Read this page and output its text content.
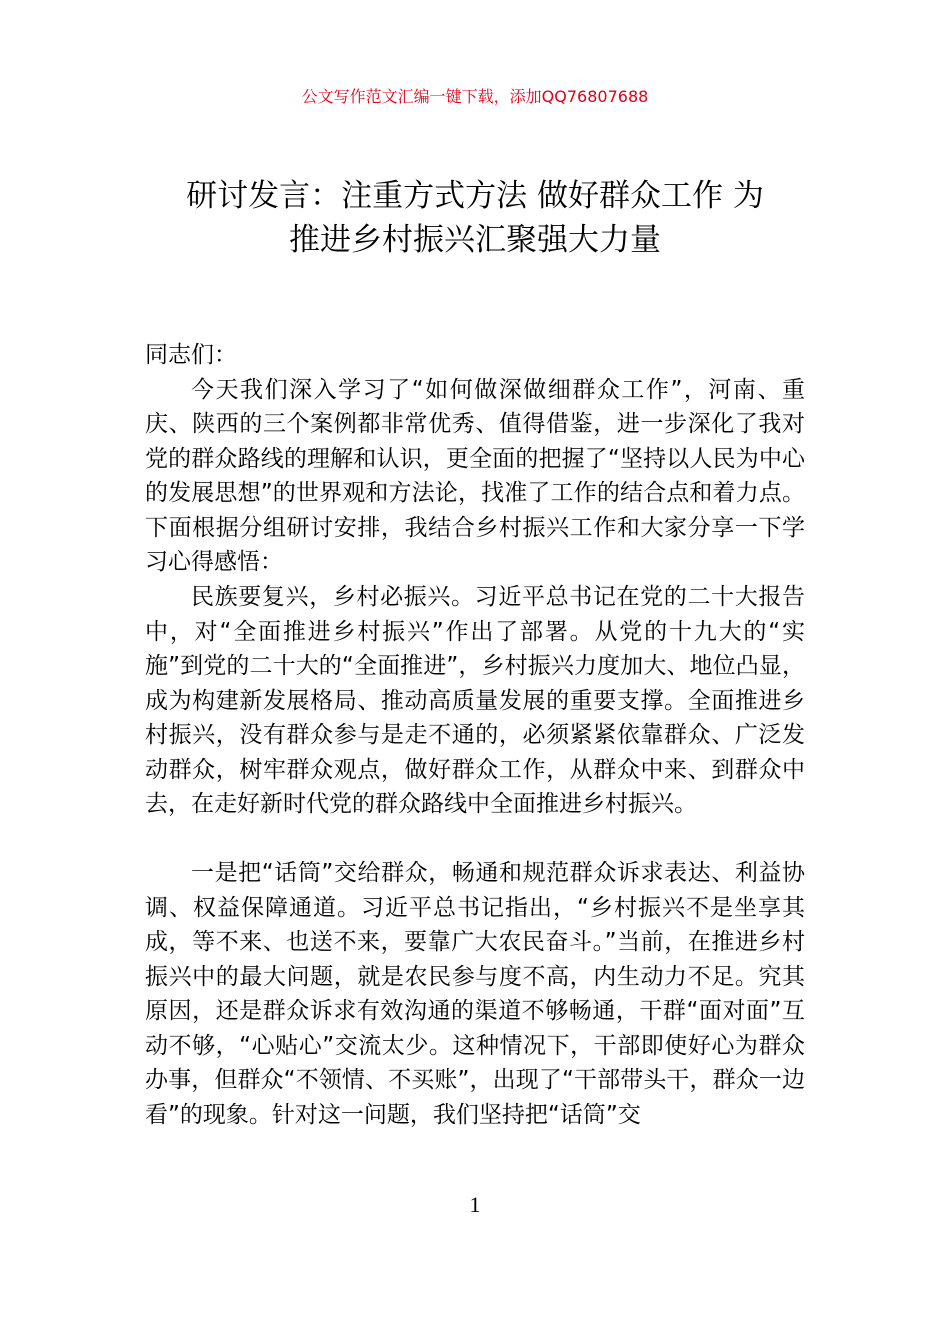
公文写作范文汇编一键下载，添加QQ76807688
研讨发言：注重方式方法 做好群众工作 为
推进乡村振兴汇聚强大力量
同志们：

今天我们深入学习了“如何做深做细群众工作”，河南、重庆、陕西的三个案例都非常优秀、值得借鉴，进一步深化了我对党的群众路线的理解和认识，更全面的把握了“坚持以人民为中心的发展思想”的世界观和方法论，找准了工作的结合点和着力点。下面根据分组研讨安排，我结合乡村振兴工作和大家分享一下学习心得感悟：

民族要复兴，乡村必振兴。习近平总书记在党的二十大报告中，对“全面推进乡村振兴”作出了部署。从党的十九大的“实施”到党的二十大的“全面推进”，乡村振兴力度加大、地位凸显，成为构建新发展格局、推动高质量发展的重要支撑。全面推进乡村振兴，没有群众参与是走不通的，必须紧紧依靠群众、广泛发动群众，树牢群众观点，做好群众工作，从群众中来、到群众中去，在走好新时代党的群众路线中全面推进乡村振兴。

一是把“话筒”交给群众，畅通和规范群众诉求表达、利益协调、权益保障通道。习近平总书记指出，“乡村振兴不是坐享其成，等不来、也送不来，要靠广大农民奋斗。”当前，在推进乡村振兴中的最大问题，就是农民参与度不高，内生动力不足。究其原因，还是群众诉求有效沟通的渠道不够畅通，干群“面对面”互动不够，“心贴心”交流太少。这种情况下，干部即使好心为群众办事，但群众“不领情、不买账”，出现了“干部带头干，群众一边看”的现象。针对这一问题，我们坚持把“话筒”交

1
